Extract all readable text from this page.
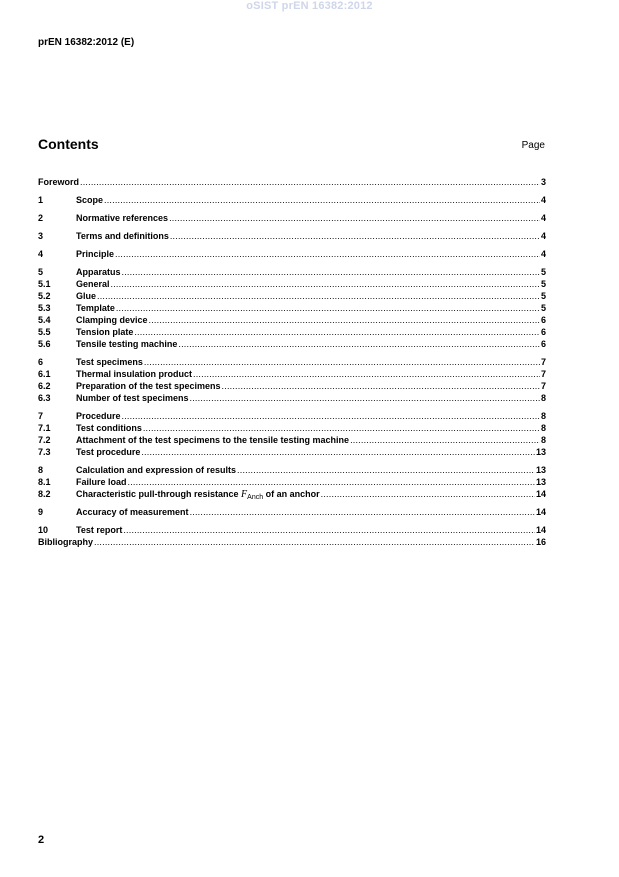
oSIST prEN 16382:2012
prEN 16382:2012 (E)
Contents	Page
Foreword .....	3
1	Scope .....	4
2	Normative references .....	4
3	Terms and definitions .....	4
4	Principle .....	4
5	Apparatus .....	5
5.1	General .....	5
5.2	Glue .....	5
5.3	Template .....	5
5.4	Clamping device .....	6
5.5	Tension plate .....	6
5.6	Tensile testing machine .....	6
6	Test specimens .....	7
6.1	Thermal insulation product .....	7
6.2	Preparation of the test specimens .....	7
6.3	Number of test specimens .....	8
7	Procedure .....	8
7.1	Test conditions .....	8
7.2	Attachment of the test specimens to the tensile testing machine .....	8
7.3	Test procedure .....	13
8	Calculation and expression of results .....	13
8.1	Failure load .....	13
8.2	Characteristic pull-through resistance $F_{Anch}$ of an anchor .....	14
9	Accuracy of measurement .....	14
10	Test report .....	14
Bibliography .....	16
2
